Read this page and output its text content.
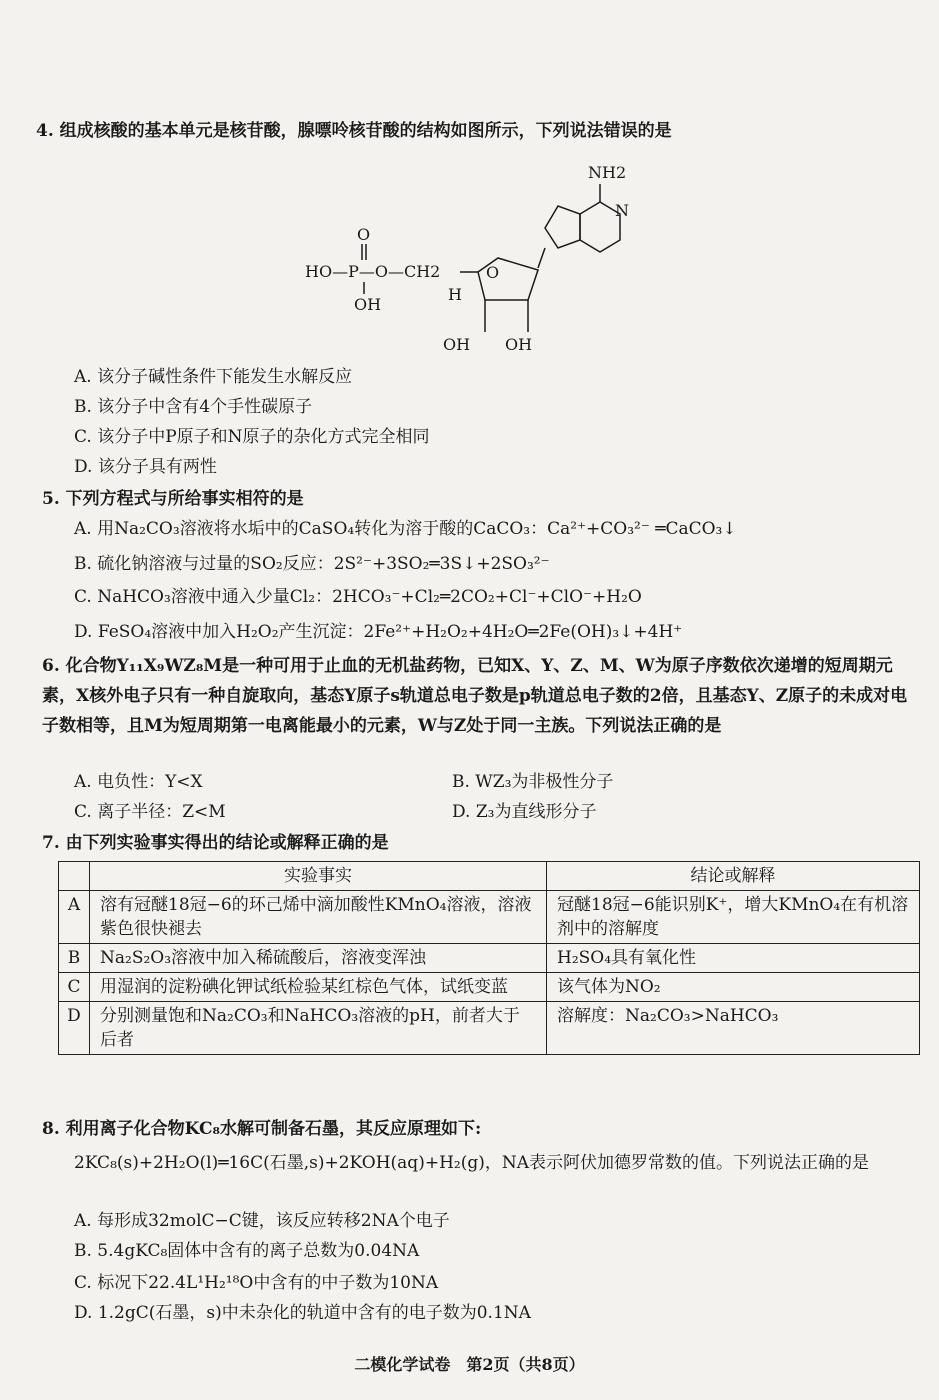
4. 组成核酸的基本单元是核苷酸，腺嘌呤核苷酸的结构如图所示，下列说法错误的是
NH2
N
O
OH OH
H
HO—P—O—CH2
O
OH
A. 该分子碱性条件下能发生水解反应
B. 该分子中含有4个手性碳原子
C. 该分子中P原子和N原子的杂化方式完全相同
D. 该分子具有两性
5. 下列方程式与所给事实相符的是
A. 用Na₂CO₃溶液将水垢中的CaSO₄转化为溶于酸的CaCO₃：Ca²⁺+CO₃²⁻ ═CaCO₃↓
B. 硫化钠溶液与过量的SO₂反应：2S²⁻+3SO₂═3S↓+2SO₃²⁻
C. NaHCO₃溶液中通入少量Cl₂：2HCO₃⁻+Cl₂═2CO₂+Cl⁻+ClO⁻+H₂O
D. FeSO₄溶液中加入H₂O₂产生沉淀：2Fe²⁺+H₂O₂+4H₂O═2Fe(OH)₃↓+4H⁺
6. 化合物Y₁₁X₉WZ₈M是一种可用于止血的无机盐药物，已知X、Y、Z、M、W为原子序数依次递增的短周期元素，X核外电子只有一种自旋取向，基态Y原子s轨道总电子数是p轨道总电子数的2倍，且基态Y、Z原子的未成对电子数相等，且M为短周期第一电离能最小的元素，W与Z处于同一主族。下列说法正确的是
A. 电负性：Y<X	B. WZ₃为非极性分子
C. 离子半径：Z<M	D. Z₃为直线形分子
7. 由下列实验事实得出的结论或解释正确的是
	实验事实	结论或解释
A	溶有冠醚18冠−6的环己烯中滴加酸性KMnO₄溶液，溶液紫色很快褪去	冠醚18冠−6能识别K⁺，增大KMnO₄在有机溶剂中的溶解度
B	Na₂S₂O₃溶液中加入稀硫酸后，溶液变浑浊	H₂SO₄具有氧化性
C	用湿润的淀粉碘化钾试纸检验某红棕色气体，试纸变蓝	该气体为NO₂
D	分别测量饱和Na₂CO₃和NaHCO₃溶液的pH，前者大于后者	溶解度：Na₂CO₃>NaHCO₃
8. 利用离子化合物KC₈水解可制备石墨，其反应原理如下:
2KC₈(s)+2H₂O(l)═16C(石墨,s)+2KOH(aq)+H₂(g)，NA表示阿伏加德罗常数的值。下列说法正确的是
A. 每形成32molC−C键，该反应转移2NA个电子
B. 5.4gKC₈固体中含有的离子总数为0.04NA
C. 标况下22.4L¹H₂¹⁸O中含有的中子数为10NA
D. 1.2gC(石墨，s)中未杂化的轨道中含有的电子数为0.1NA
二模化学试卷　第2页（共8页）
